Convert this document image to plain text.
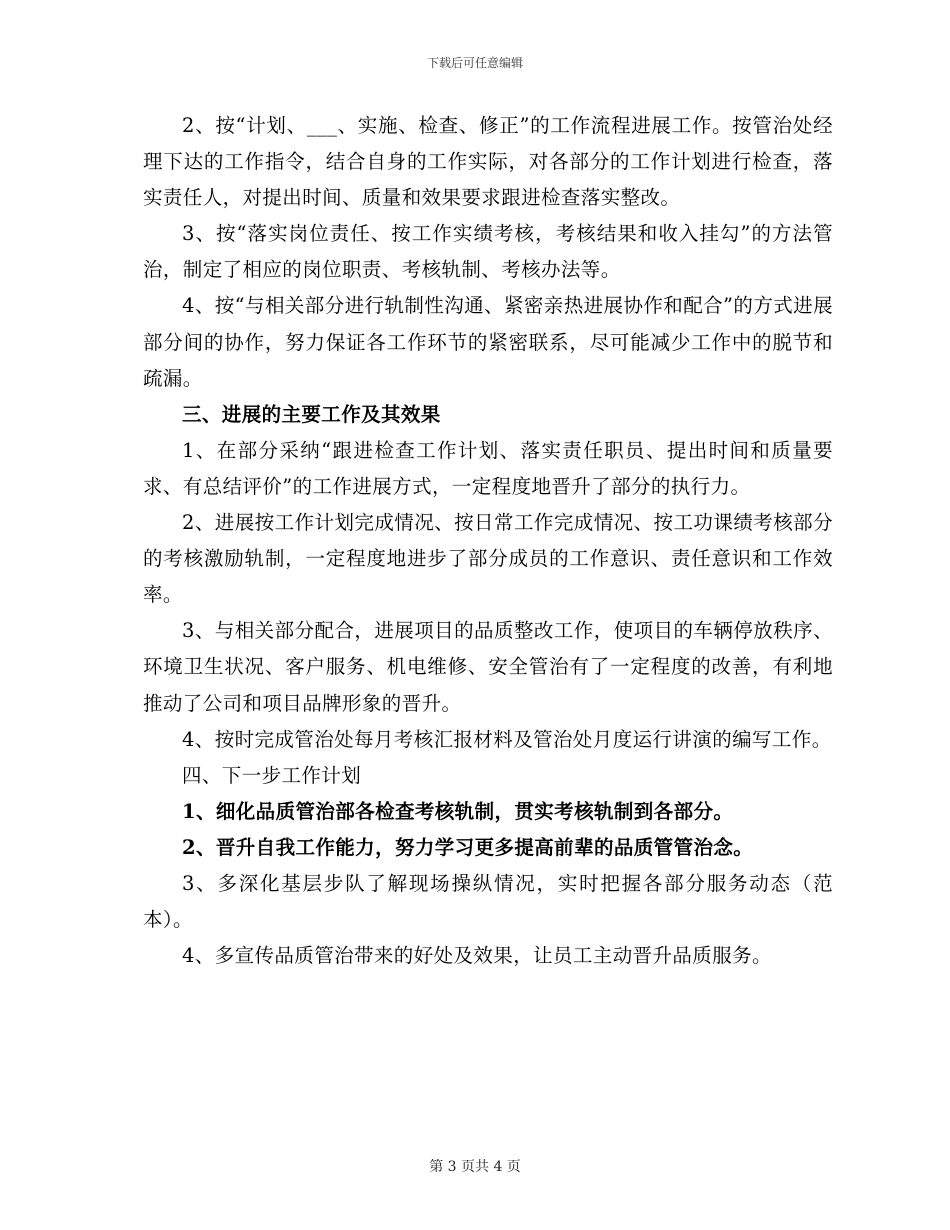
下载后可任意编辑

2、按“计划、___、实施、检查、修正”的工作流程进展工作。按管治处经理下达的工作指令，结合自身的工作实际，对各部分的工作计划进行检查，落实责任人，对提出时间、质量和效果要求跟进检查落实整改。

3、按“落实岗位责任、按工作实绩考核，考核结果和收入挂勾”的方法管治，制定了相应的岗位职责、考核轨制、考核办法等。

4、按“与相关部分进行轨制性沟通、紧密亲热进展协作和配合”的方式进展部分间的协作，努力保证各工作环节的紧密联系，尽可能减少工作中的脱节和疏漏。

三、进展的主要工作及其效果

1、在部分采纳“跟进检查工作计划、落实责任职员、提出时间和质量要求、有总结评价”的工作进展方式，一定程度地晋升了部分的执行力。

2、进展按工作计划完成情况、按日常工作完成情况、按工功课绩考核部分的考核激励轨制，一定程度地进步了部分成员的工作意识、责任意识和工作效率。

3、与相关部分配合，进展项目的品质整改工作，使项目的车辆停放秩序、环境卫生状况、客户服务、机电维修、安全管治有了一定程度的改善，有利地推动了公司和项目品牌形象的晋升。

4、按时完成管治处每月考核汇报材料及管治处月度运行讲演的编写工作。

四、下一步工作计划

1、细化品质管治部各检查考核轨制，贯实考核轨制到各部分。

2、晋升自我工作能力，努力学习更多提高前辈的品质管管治念。

3、多深化基层步队了解现场操纵情况，实时把握各部分服务动态（范本）。

4、多宣传品质管治带来的好处及效果，让员工主动晋升品质服务。

第 3 页共 4 页
